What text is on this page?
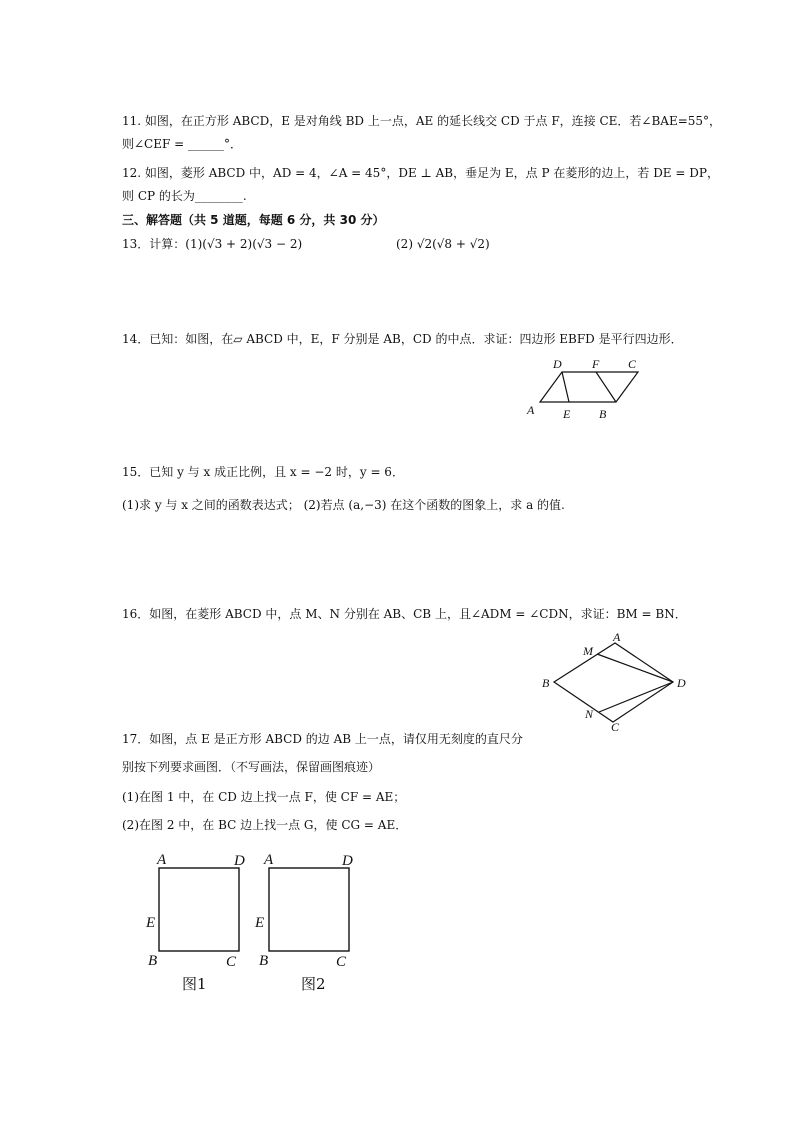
11. 如图，在正方形 ABCD，E 是对角线 BD 上一点，AE 的延长线交 CD 于点 F，连接 CE．若∠BAE=55°，
则∠CEF = ______°．
12. 如图，菱形 ABCD 中，AD = 4，∠A = 45°，DE ⊥ AB，垂足为 E，点 P 在菱形的边上，若 DE = DP，
则 CP 的长为________.
三、解答题（共 5 道题，每题 6 分，共 30 分）
13．计算：(1)(√3 + 2)(√3 − 2)	(2) √2(√8 + √2)
14．已知：如图，在▱ ABCD 中，E，F 分别是 AB，CD 的中点．求证：四边形 EBFD 是平行四边形．
D	F C
A E B
15．已知 y 与 x 成正比例，且 x = −2 时，y = 6．
(1)求 y 与 x 之间的函数表达式； (2)若点 (a,−3) 在这个函数的图象上，求 a 的值.
16．如图，在菱形 ABCD 中，点 M、N 分别在 AB、CB 上，且∠ADM = ∠CDN，求证：BM = BN．
A
M
B	D
N
C
17．如图，点 E 是正方形 ABCD 的边 AB 上一点，请仅用无刻度的直尺分
别按下列要求画图．（不写画法，保留画图痕迹）
(1)在图 1 中，在 CD 边上找一点 F，使 CF = AE；
(2)在图 2 中，在 BC 边上找一点 G，使 CG = AE．
A	D
E
B	C
图1
A	D
E
B	C
图2
